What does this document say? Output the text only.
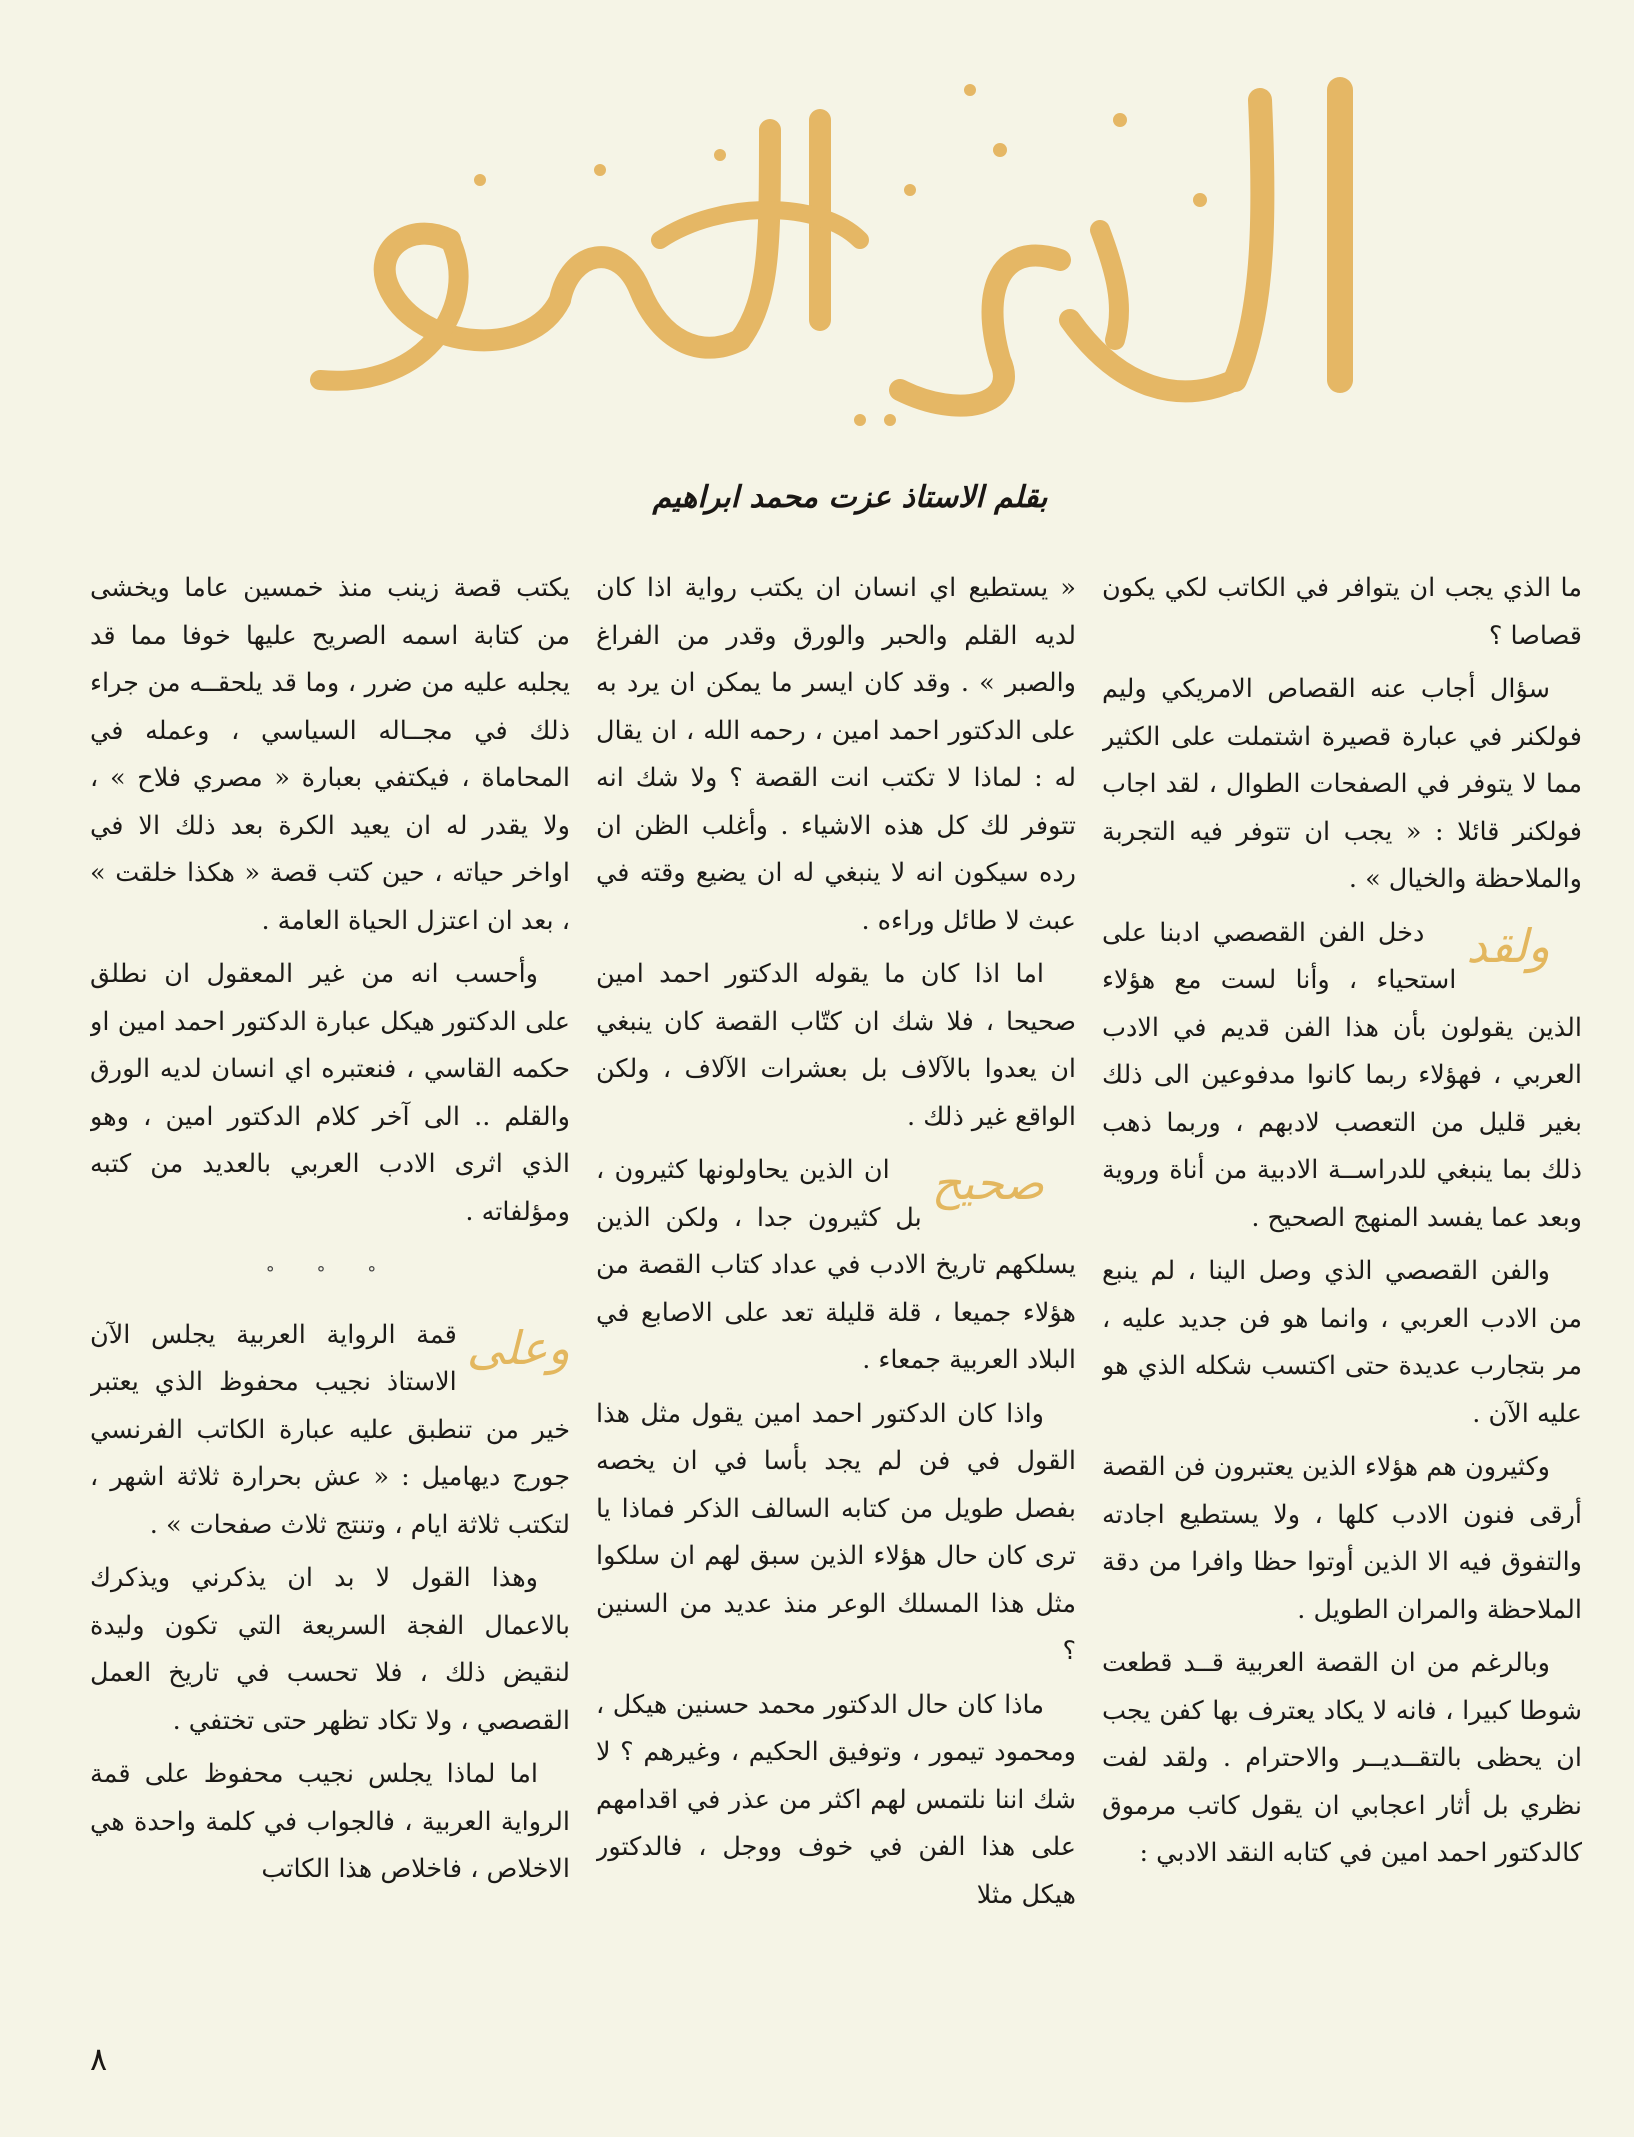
بقلم الاستاذ عزت محمد ابراهيم

ما الذي يجب ان يتوافر في الكاتب لكي يكون قصاصا ؟

سؤال أجاب عنه القصاص الامريكي وليم فولكنر في عبارة قصيرة اشتملت على الكثير مما لا يتوفر في الصفحات الطوال ، لقد اجاب فولكنر قائلا : « يجب ان تتوفر فيه التجربة والملاحظة والخيال » .

ولقد
دخل الفن القصصي ادبنا على استحياء ، وأنا لست مع هؤلاء الذين يقولون بأن هذا الفن قديم في الادب العربي ، فهؤلاء ربما كانوا مدفوعين الى ذلك بغير قليل من التعصب لادبهم ، وربما ذهب ذلك بما ينبغي للدراســة الادبية من أناة وروية وبعد عما يفسد المنهج الصحيح .

والفن القصصي الذي وصل الينا ، لم ينبع من الادب العربي ، وانما هو فن جديد عليه ، مر بتجارب عديدة حتى اكتسب شكله الذي هو عليه الآن .

وكثيرون هم هؤلاء الذين يعتبرون فن القصة أرقى فنون الادب كلها ، ولا يستطيع اجادته والتفوق فيه الا الذين أوتوا حظا وافرا من دقة الملاحظة والمران الطويل .

وبالرغم من ان القصة العربية قــد قطعت شوطا كبيرا ، فانه لا يكاد يعترف بها كفن يجب ان يحظى بالتقــديــر والاحترام . ولقد لفت نظري بل أثار اعجابي ان يقول كاتب مرموق كالدكتور احمد امين في كتابه النقد الادبي :

« يستطيع اي انسان ان يكتب رواية اذا كان لديه القلم والحبر والورق وقدر من الفراغ والصبر » . وقد كان ايسر ما يمكن ان يرد به على الدكتور احمد امين ، رحمه الله ، ان يقال له : لماذا لا تكتب انت القصة ؟ ولا شك انه تتوفر لك كل هذه الاشياء . وأغلب الظن ان رده سيكون انه لا ينبغي له ان يضيع وقته في عبث لا طائل وراءه .

اما اذا كان ما يقوله الدكتور احمد امين صحيحا ، فلا شك ان كتّاب القصة كان ينبغي ان يعدوا بالآلاف بل بعشرات الآلاف ، ولكن الواقع غير ذلك .

صحيح
ان الذين يحاولونها كثيرون ، بل كثيرون جدا ، ولكن الذين يسلكهم تاريخ الادب في عداد كتاب القصة من هؤلاء جميعا ، قلة قليلة تعد على الاصابع في البلاد العربية جمعاء .

واذا كان الدكتور احمد امين يقول مثل هذا القول في فن لم يجد بأسا في ان يخصه بفصل طويل من كتابه السالف الذكر فماذا يا ترى كان حال هؤلاء الذين سبق لهم ان سلكوا مثل هذا المسلك الوعر منذ عديد من السنين ؟

ماذا كان حال الدكتور محمد حسنين هيكل ، ومحمود تيمور ، وتوفيق الحكيم ، وغيرهم ؟ لا شك اننا نلتمس لهم اكثر من عذر في اقدامهم على هذا الفن في خوف ووجل ، فالدكتور هيكل مثلا

يكتب قصة زينب منذ خمسين عاما ويخشى من كتابة اسمه الصريح عليها خوفا مما قد يجلبه عليه من ضرر ، وما قد يلحقــه من جراء ذلك في مجــاله السياسي ، وعمله في المحاماة ، فيكتفي بعبارة « مصري فلاح » ، ولا يقدر له ان يعيد الكرة بعد ذلك الا في اواخر حياته ، حين كتب قصة « هكذا خلقت » ، بعد ان اعتزل الحياة العامة .

وأحسب انه من غير المعقول ان نطلق على الدكتور هيكل عبارة الدكتور احمد امين او حكمه القاسي ، فنعتبره اي انسان لديه الورق والقلم .. الى آخر كلام الدكتور امين ، وهو الذي اثرى الادب العربي بالعديد من كتبه ومؤلفاته .

° ° °

وعلى
قمة الرواية العربية يجلس الآن الاستاذ نجيب محفوظ الذي يعتبر خير من تنطبق عليه عبارة الكاتب الفرنسي جورج ديهاميل : « عش بحرارة ثلاثة اشهر ، لتكتب ثلاثة ايام ، وتنتج ثلاث صفحات » .

وهذا القول لا بد ان يذكرني ويذكرك بالاعمال الفجة السريعة التي تكون وليدة لنقيض ذلك ، فلا تحسب في تاريخ العمل القصصي ، ولا تكاد تظهر حتى تختفي .

اما لماذا يجلس نجيب محفوظ على قمة الرواية العربية ، فالجواب في كلمة واحدة هي الاخلاص ، فاخلاص هذا الكاتب

٨
